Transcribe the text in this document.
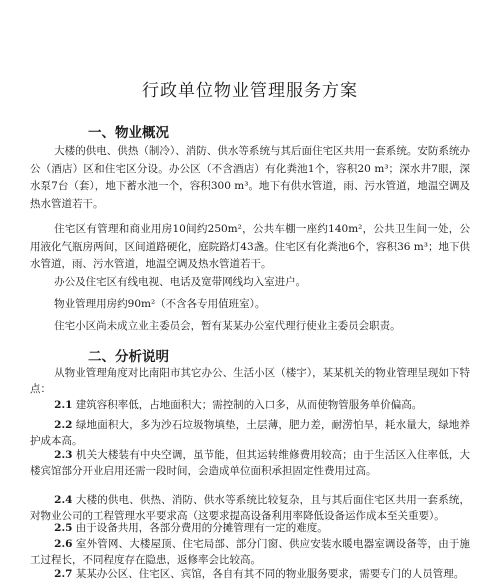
行政单位物业管理服务方案
一、物业概况

大楼的供电、供热（制冷）、消防、供水等系统与其后面住宅区共用一套系统。安防系统办公（酒店）区和住宅区分设。办公区（不含酒店）有化粪池1个，容积20 m³；深水井7眼，深水泵7台（套），地下蓄水池一个，容积300 m³。地下有供水管道，雨、污水管道，地温空调及热水管道若干。

住宅区有管理和商业用房10间约250m²，公共车棚一座约140m²，公共卫生间一处，公用液化气瓶房两间，区间道路硬化，庭院路灯43盏。住宅区有化粪池6个，容积36 m³；地下供水管道，雨、污水管道，地温空调及热水管道若干。

办公及住宅区有线电视、电话及宽带网线均入室进户。

物业管理用房约90m²（不含各专用值班室）。

住宅小区尚未成立业主委员会，暂有某某办公室代理行使业主委员会职责。

二、分析说明

从物业管理角度对比南阳市其它办公、生活小区（楼宇），某某机关的物业管理呈现如下特点：

2.1 建筑容积率低，占地面积大；需控制的入口多，从而使物管服务单价偏高。

2.2 绿地面积大，多为沙石垃圾物填垫，土层薄，肥力差，耐涝怕旱，耗水量大，绿地养护成本高。

2.3 机关大楼装有中央空调，虽节能，但其运转维修费用较高；由于生活区入住率低，大楼宾馆部分开业启用还需一段时间，会造成单位面积承担固定性费用过高。

2.4 大楼的供电、供热、消防、供水等系统比较复杂，且与其后面住宅区共用一套系统，对物业公司的工程管理水平要求高（这要求提高设备利用率降低设备运作成本至关重要）。

2.5 由于设备共用，各部分费用的分摊管理有一定的难度。

2.6 室外管网、大楼屋顶、住宅局部、部分门窗、供应安装水暖电器室调设备等，由于施工过程长，不同程度存在隐患，返修率会比较高。

2.7 某某办公区、住宅区、宾馆，各自有其不同的物业服务要求，需要专门的人员管理。
